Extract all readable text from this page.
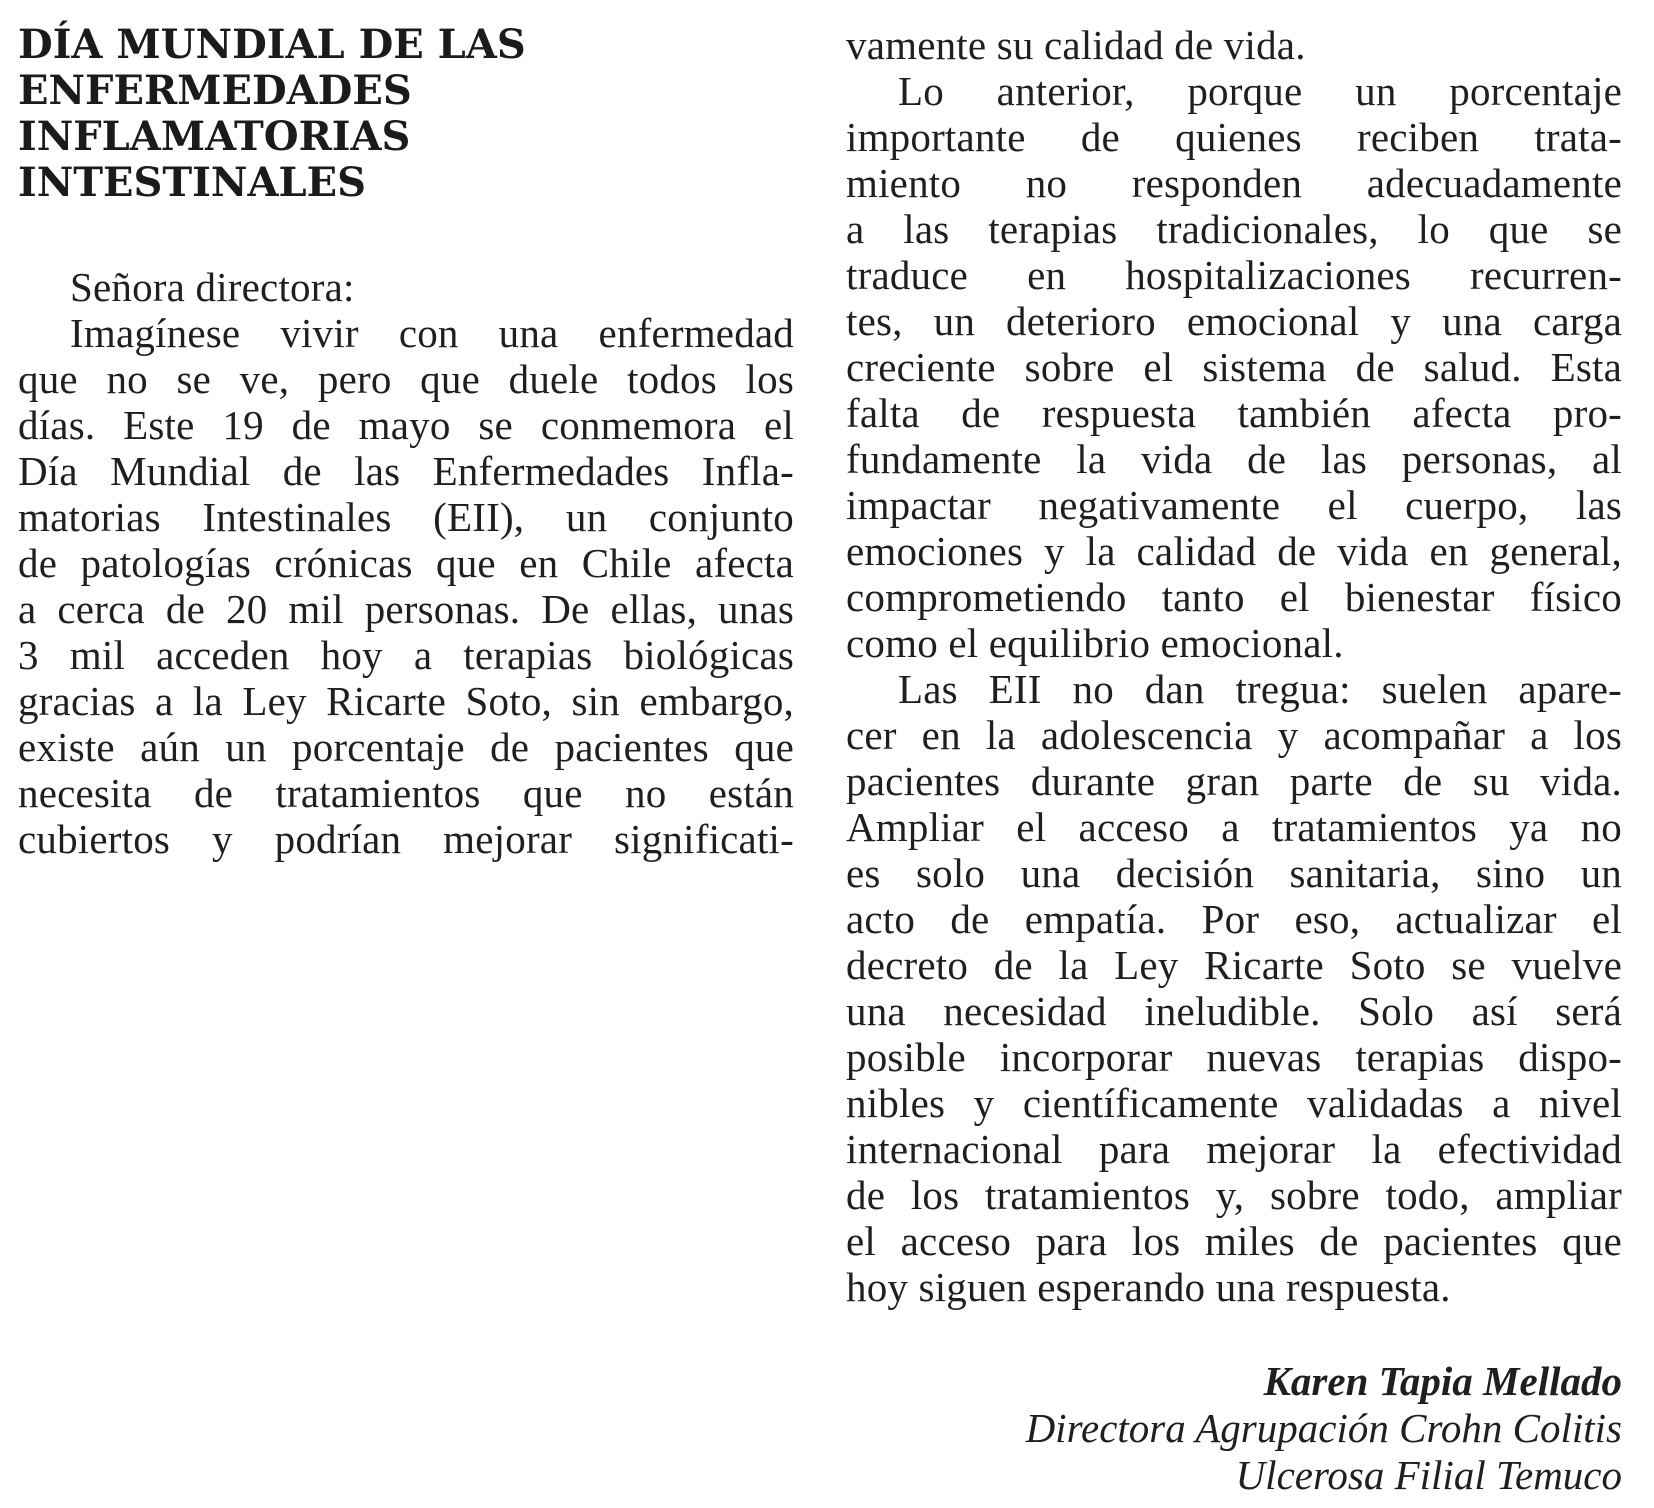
DÍA MUNDIAL DE LAS
ENFERMEDADES INFLAMATORIAS
INTESTINALES
Señora directora:
Imagínese vivir con una enfermedad
que no se ve, pero que duele todos los
días. Este 19 de mayo se conmemora el
Día Mundial de las Enfermedades Infla-
matorias Intestinales (EII), un conjunto
de patologías crónicas que en Chile afecta
a cerca de 20 mil personas. De ellas, unas
3 mil acceden hoy a terapias biológicas
gracias a la Ley Ricarte Soto, sin embargo,
existe aún un porcentaje de pacientes que
necesita de tratamientos que no están
cubiertos y podrían mejorar significati-
vamente su calidad de vida.
Lo anterior, porque un porcentaje
importante de quienes reciben trata-
miento no responden adecuadamente
a las terapias tradicionales, lo que se
traduce en hospitalizaciones recurren-
tes, un deterioro emocional y una carga
creciente sobre el sistema de salud. Esta
falta de respuesta también afecta pro-
fundamente la vida de las personas, al
impactar negativamente el cuerpo, las
emociones y la calidad de vida en general,
comprometiendo tanto el bienestar físico
como el equilibrio emocional.
Las EII no dan tregua: suelen apare-
cer en la adolescencia y acompañar a los
pacientes durante gran parte de su vida.
Ampliar el acceso a tratamientos ya no
es solo una decisión sanitaria, sino un
acto de empatía. Por eso, actualizar el
decreto de la Ley Ricarte Soto se vuelve
una necesidad ineludible. Solo así será
posible incorporar nuevas terapias dispo-
nibles y científicamente validadas a nivel
internacional para mejorar la efectividad
de los tratamientos y, sobre todo, ampliar
el acceso para los miles de pacientes que
hoy siguen esperando una respuesta.
Karen Tapia Mellado
Directora Agrupación Crohn Colitis
Ulcerosa Filial Temuco
